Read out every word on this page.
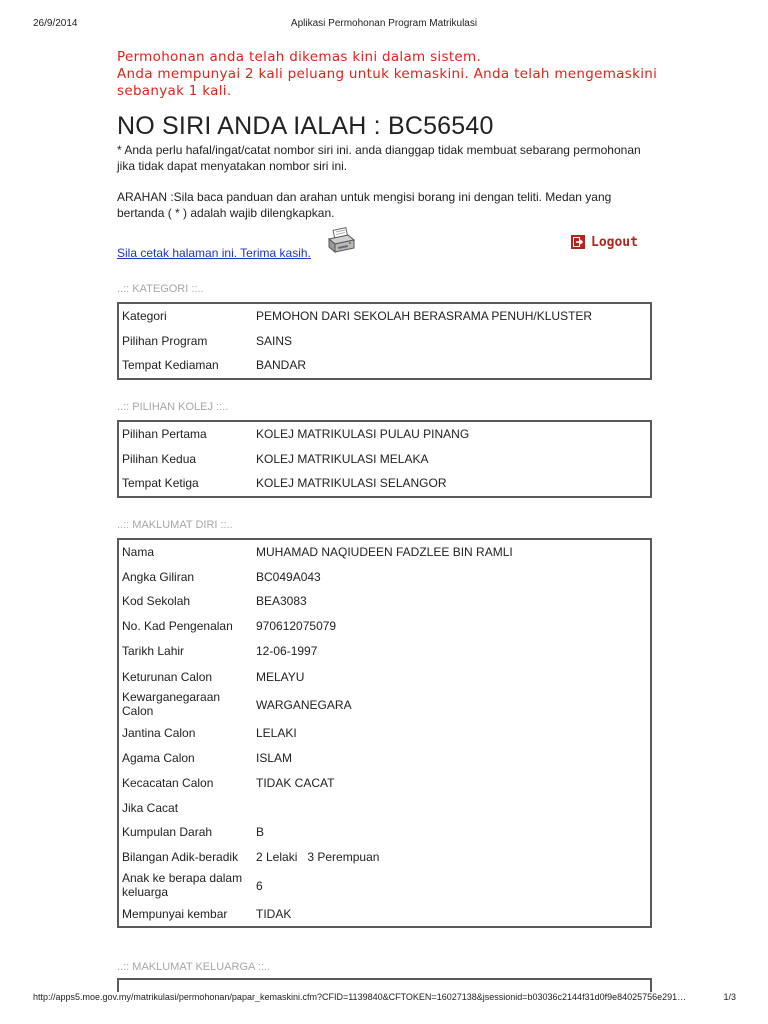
26/9/2014	Aplikasi Permohonan Program Matrikulasi
Permohonan anda telah dikemas kini dalam sistem.
Anda mempunyai 2 kali peluang untuk kemaskini. Anda telah mengemaskini
sebanyak 1 kali.
NO SIRI ANDA IALAH : BC56540
* Anda perlu hafal/ingat/catat nombor siri ini. anda dianggap tidak membuat sebarang permohonan jika tidak dapat menyatakan nombor siri ini.
ARAHAN :Sila baca panduan dan arahan untuk mengisi borang ini dengan teliti. Medan yang bertanda ( * ) adalah wajib dilengkapkan.
Sila cetak halaman ini. Terima kasih.
Logout
..:: KATEGORI ::..
Kategori	PEMOHON DARI SEKOLAH BERASRAMA PENUH/KLUSTER
Pilihan Program	SAINS
Tempat Kediaman	BANDAR
..:: PILIHAN KOLEJ ::..
Pilihan Pertama	KOLEJ MATRIKULASI PULAU PINANG
Pilihan Kedua	KOLEJ MATRIKULASI MELAKA
Tempat Ketiga	KOLEJ MATRIKULASI SELANGOR
..:: MAKLUMAT DIRI ::..
Nama	MUHAMAD NAQIUDEEN FADZLEE BIN RAMLI
Angka Giliran	BC049A043
Kod Sekolah	BEA3083
No. Kad Pengenalan	970612075079
Tarikh Lahir	12-06-1997
Keturunan Calon	MELAYU
Kewarganegaraan Calon	WARGANEGARA
Jantina Calon	LELAKI
Agama Calon	ISLAM
Kecacatan Calon	TIDAK CACAT
Jika Cacat
Kumpulan Darah	B
Bilangan Adik-beradik	2 Lelaki   3 Perempuan
Anak ke berapa dalam keluarga	6
Mempunyai kembar	TIDAK
..:: MAKLUMAT KELUARGA ::..
http://apps5.moe.gov.my/matrikulasi/permohonan/papar_kemaskini.cfm?CFID=1139840&CFTOKEN=16027138&jsessionid=b03036c2144f31d0f9e84025756e291…	1/3
